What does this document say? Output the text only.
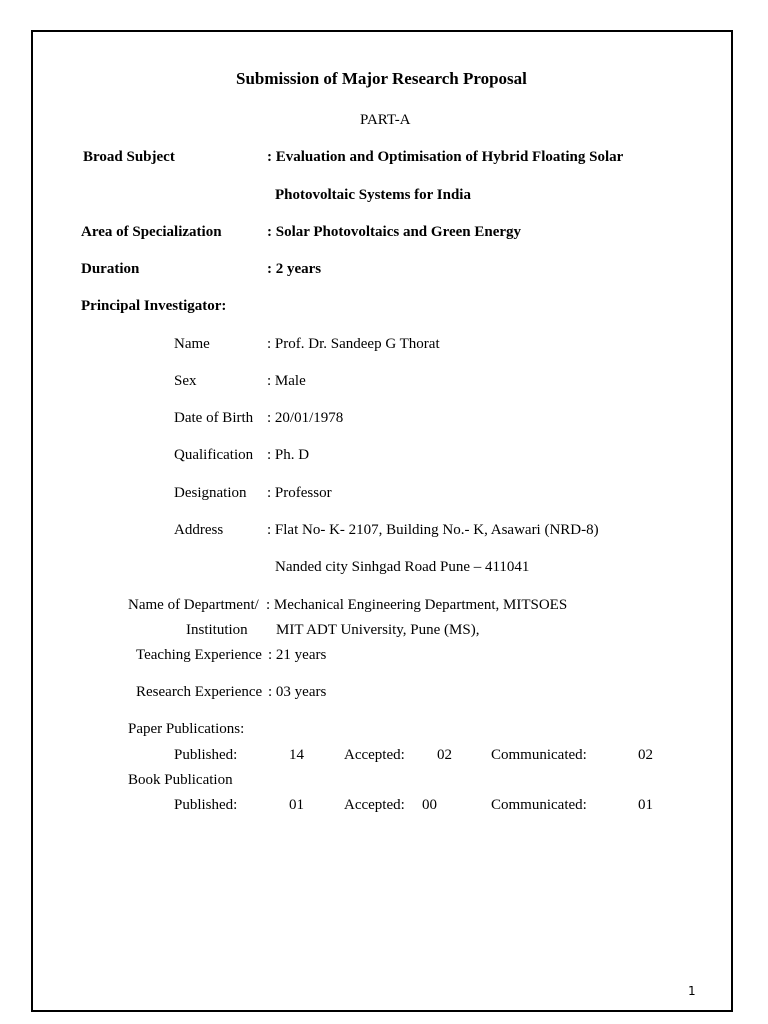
Submission of Major Research Proposal
PART-A
Broad Subject	: Evaluation and Optimisation of Hybrid Floating Solar
Photovoltaic Systems for India
Area of Specialization	: Solar Photovoltaics and Green Energy
Duration	: 2 years
Principal Investigator:
Name	: Prof. Dr. Sandeep G Thorat
Sex	: Male
Date of Birth : 20/01/1978
Qualification : Ph. D
Designation : Professor
Address	: Flat No- K- 2107, Building No.- K, Asawari (NRD-8)
Nanded city Sinhgad Road Pune – 411041
Name of Department/ : Mechanical Engineering Department, MITSOES
Institution MIT ADT University, Pune (MS),
Teaching Experience : 21 years
Research Experience : 03 years
Paper Publications:
Published:	14	Accepted: 02	Communicated:	02
Book Publication
Published:	01	Accepted: 00	Communicated:	01
1
